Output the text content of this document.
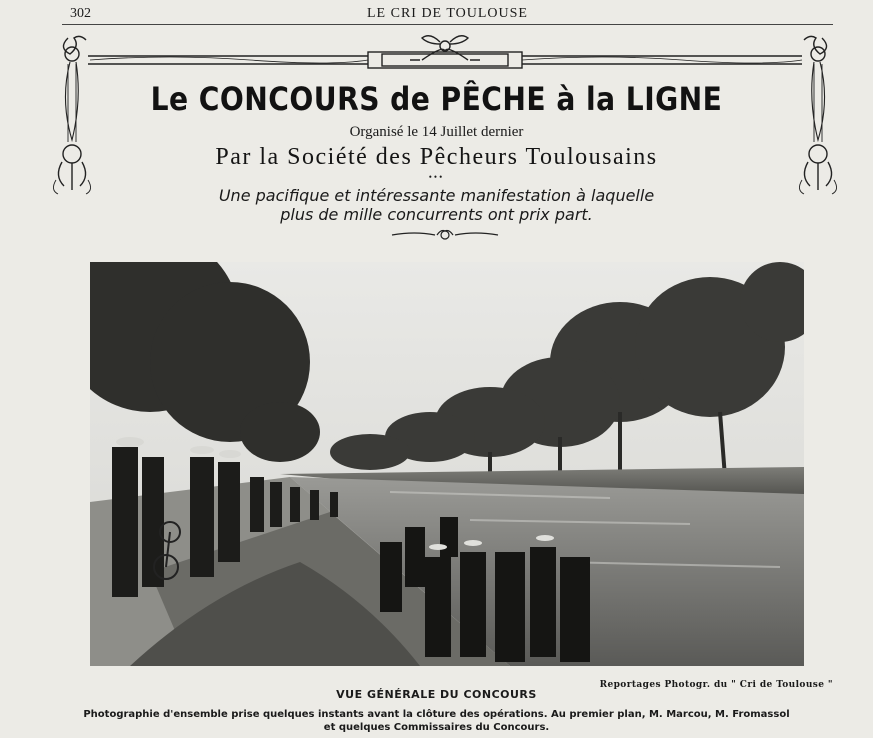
302	LE CRI DE TOULOUSE
Le CONCOURS de PÊCHE à la LIGNE
Organisé le 14 Juillet dernier
Par la Société des Pêcheurs Toulousains
•••
Une pacifique et intéressante manifestation à laquelle
plus de mille concurrents ont prix part.
Reportages Photogr. du " Cri de Toulouse "
VUE GÉNÉRALE DU CONCOURS
Photographie d'ensemble prise quelques instants avant la clôture des opérations. Au premier plan, M. Marcou, M. Fromassol
et quelques Commissaires du Concours.
